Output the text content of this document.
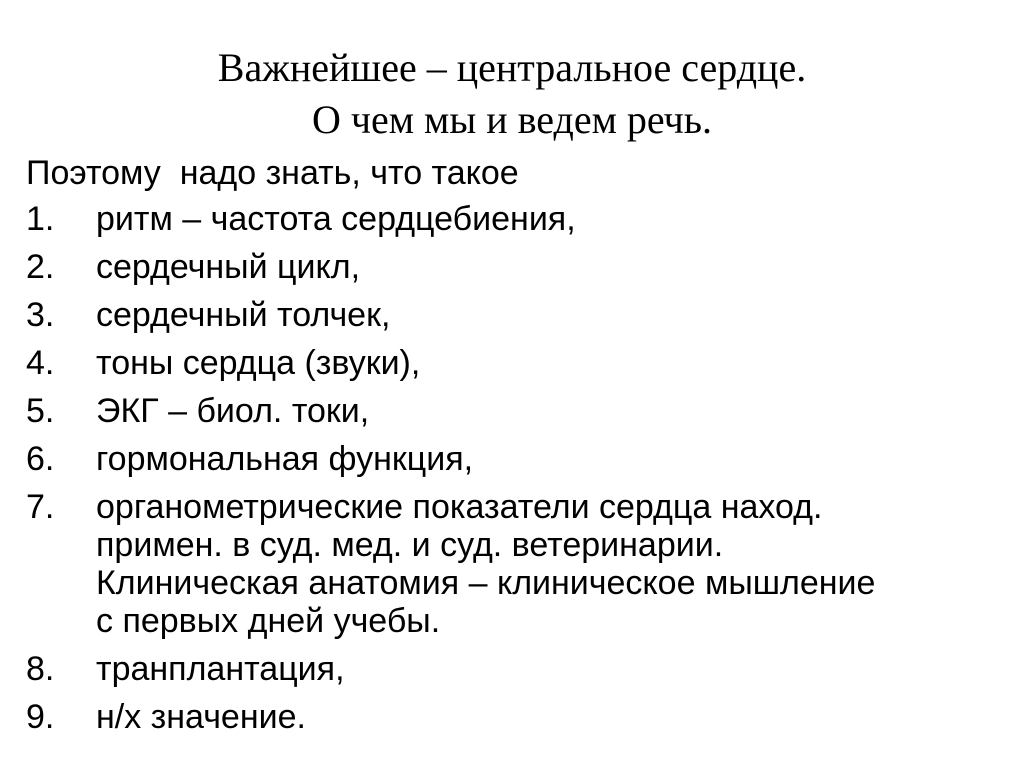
Важнейшее – центральное сердце.
О чем мы и ведем речь.
Поэтому  надо знать, что такое
1. ритм – частота сердцебиения,
2. сердечный цикл,
3. сердечный толчек,
4. тоны сердца (звуки),
5. ЭКГ – биол. токи,
6. гормональная функция,
7. органометрические показатели сердца наход.
примен. в суд. мед. и суд. ветеринарии.
Клиническая анатомия – клиническое мышление
с первых дней учебы.
8. транплантация,
9. н/х значение.
